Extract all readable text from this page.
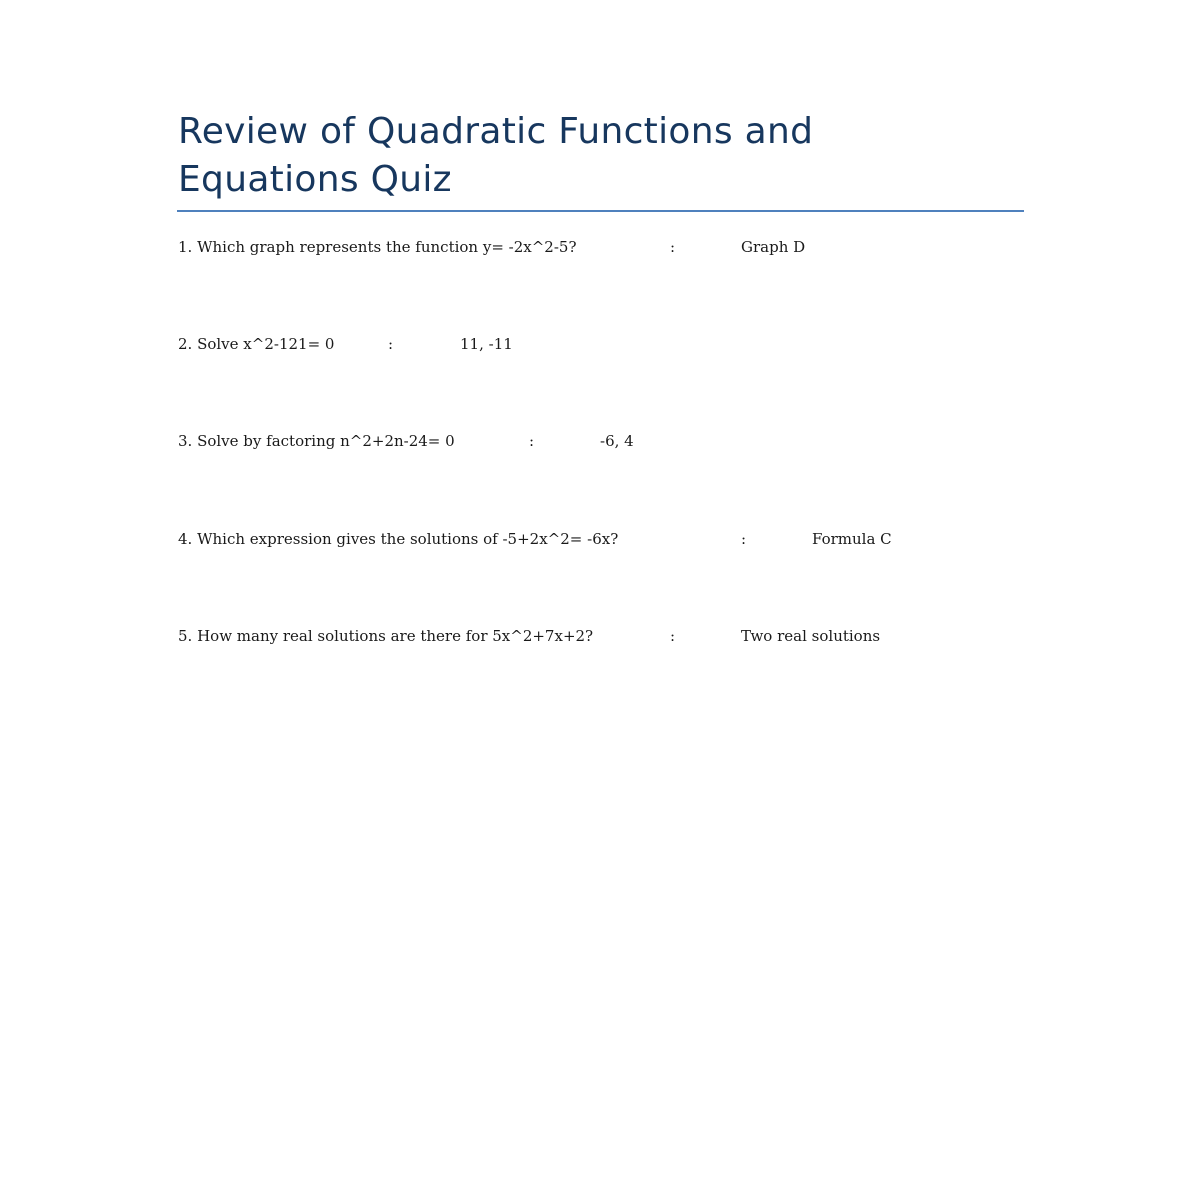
Review of Quadratic Functions and Equations Quiz
1. Which graph represents the function y= -2x^2-5?	:	Graph D
2. Solve x^2-121= 0	:	11, -11
3. Solve by factoring n^2+2n-24= 0	:	-6, 4
4. Which expression gives the solutions of -5+2x^2= -6x?	:	Formula C
5. How many real solutions are there for 5x^2+7x+2?	:	Two real solutions
